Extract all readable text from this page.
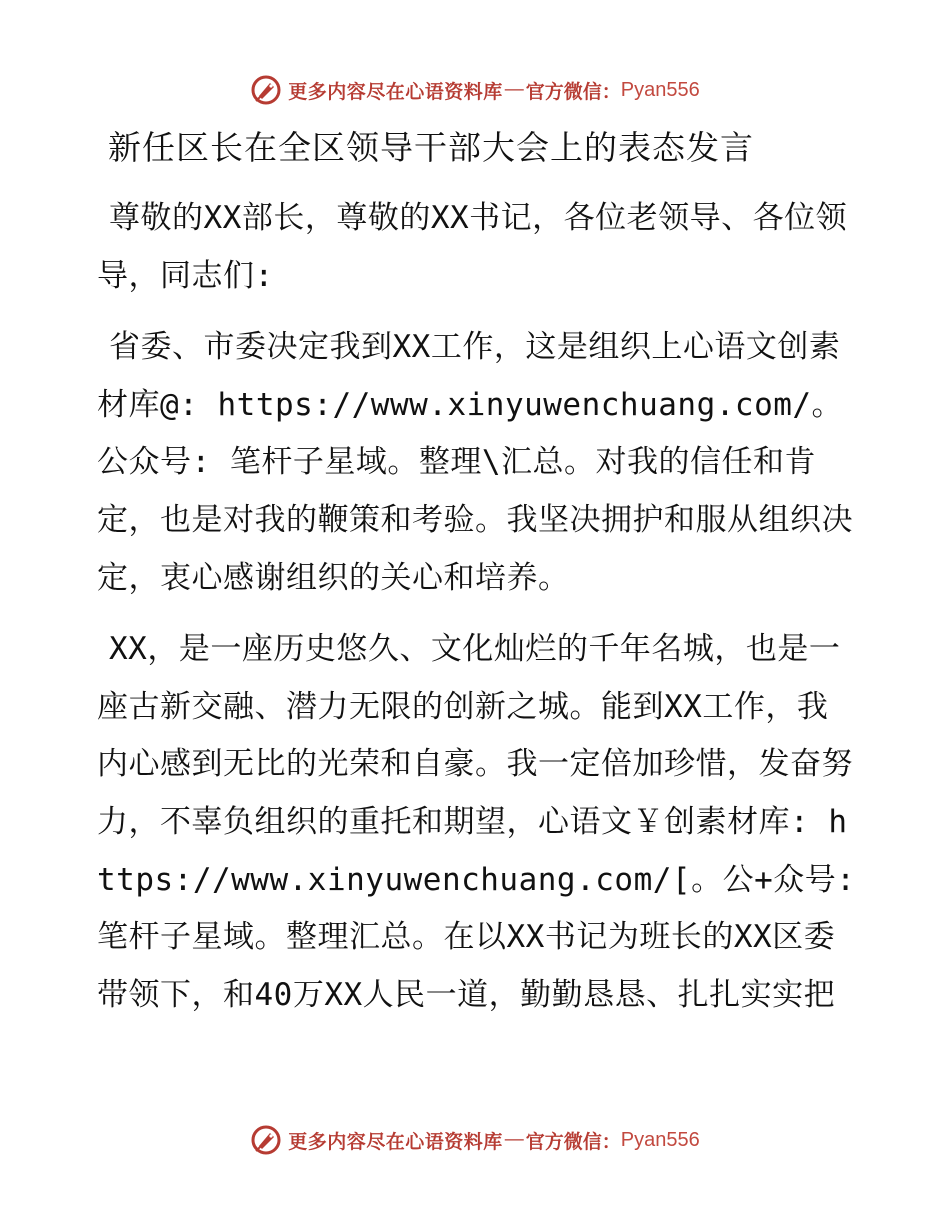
更多内容尽在心语资料库 — 官方微信： Pyan556
新任区长在全区领导干部大会上的表态发言

尊敬的XX部长，尊敬的XX书记，各位老领导、各位领导，同志们:

省委、市委决定我到XX工作，这是组织上心语文创素材库@: https://www.xinyuwenchuang.com/。公众号: 笔杆子星域。整理\汇总。对我的信任和肯定，也是对我的鞭策和考验。我坚决拥护和服从组织决定，衷心感谢组织的关心和培养。

XX，是一座历史悠久、文化灿烂的千年名城，也是一座古新交融、潜力无限的创新之城。能到XX工作，我内心感到无比的光荣和自豪。我一定倍加珍惜，发奋努力，不辜负组织的重托和期望，心语文￥创素材库: https://www.xinyuwenchuang.com/[。公+众号: 笔杆子星域。整理汇总。在以XX书记为班长的XX区委带领下，和40万XX人民一道，勤勤恳恳、扎扎实实把

更多内容尽在心语资料库 — 官方微信： Pyan556
